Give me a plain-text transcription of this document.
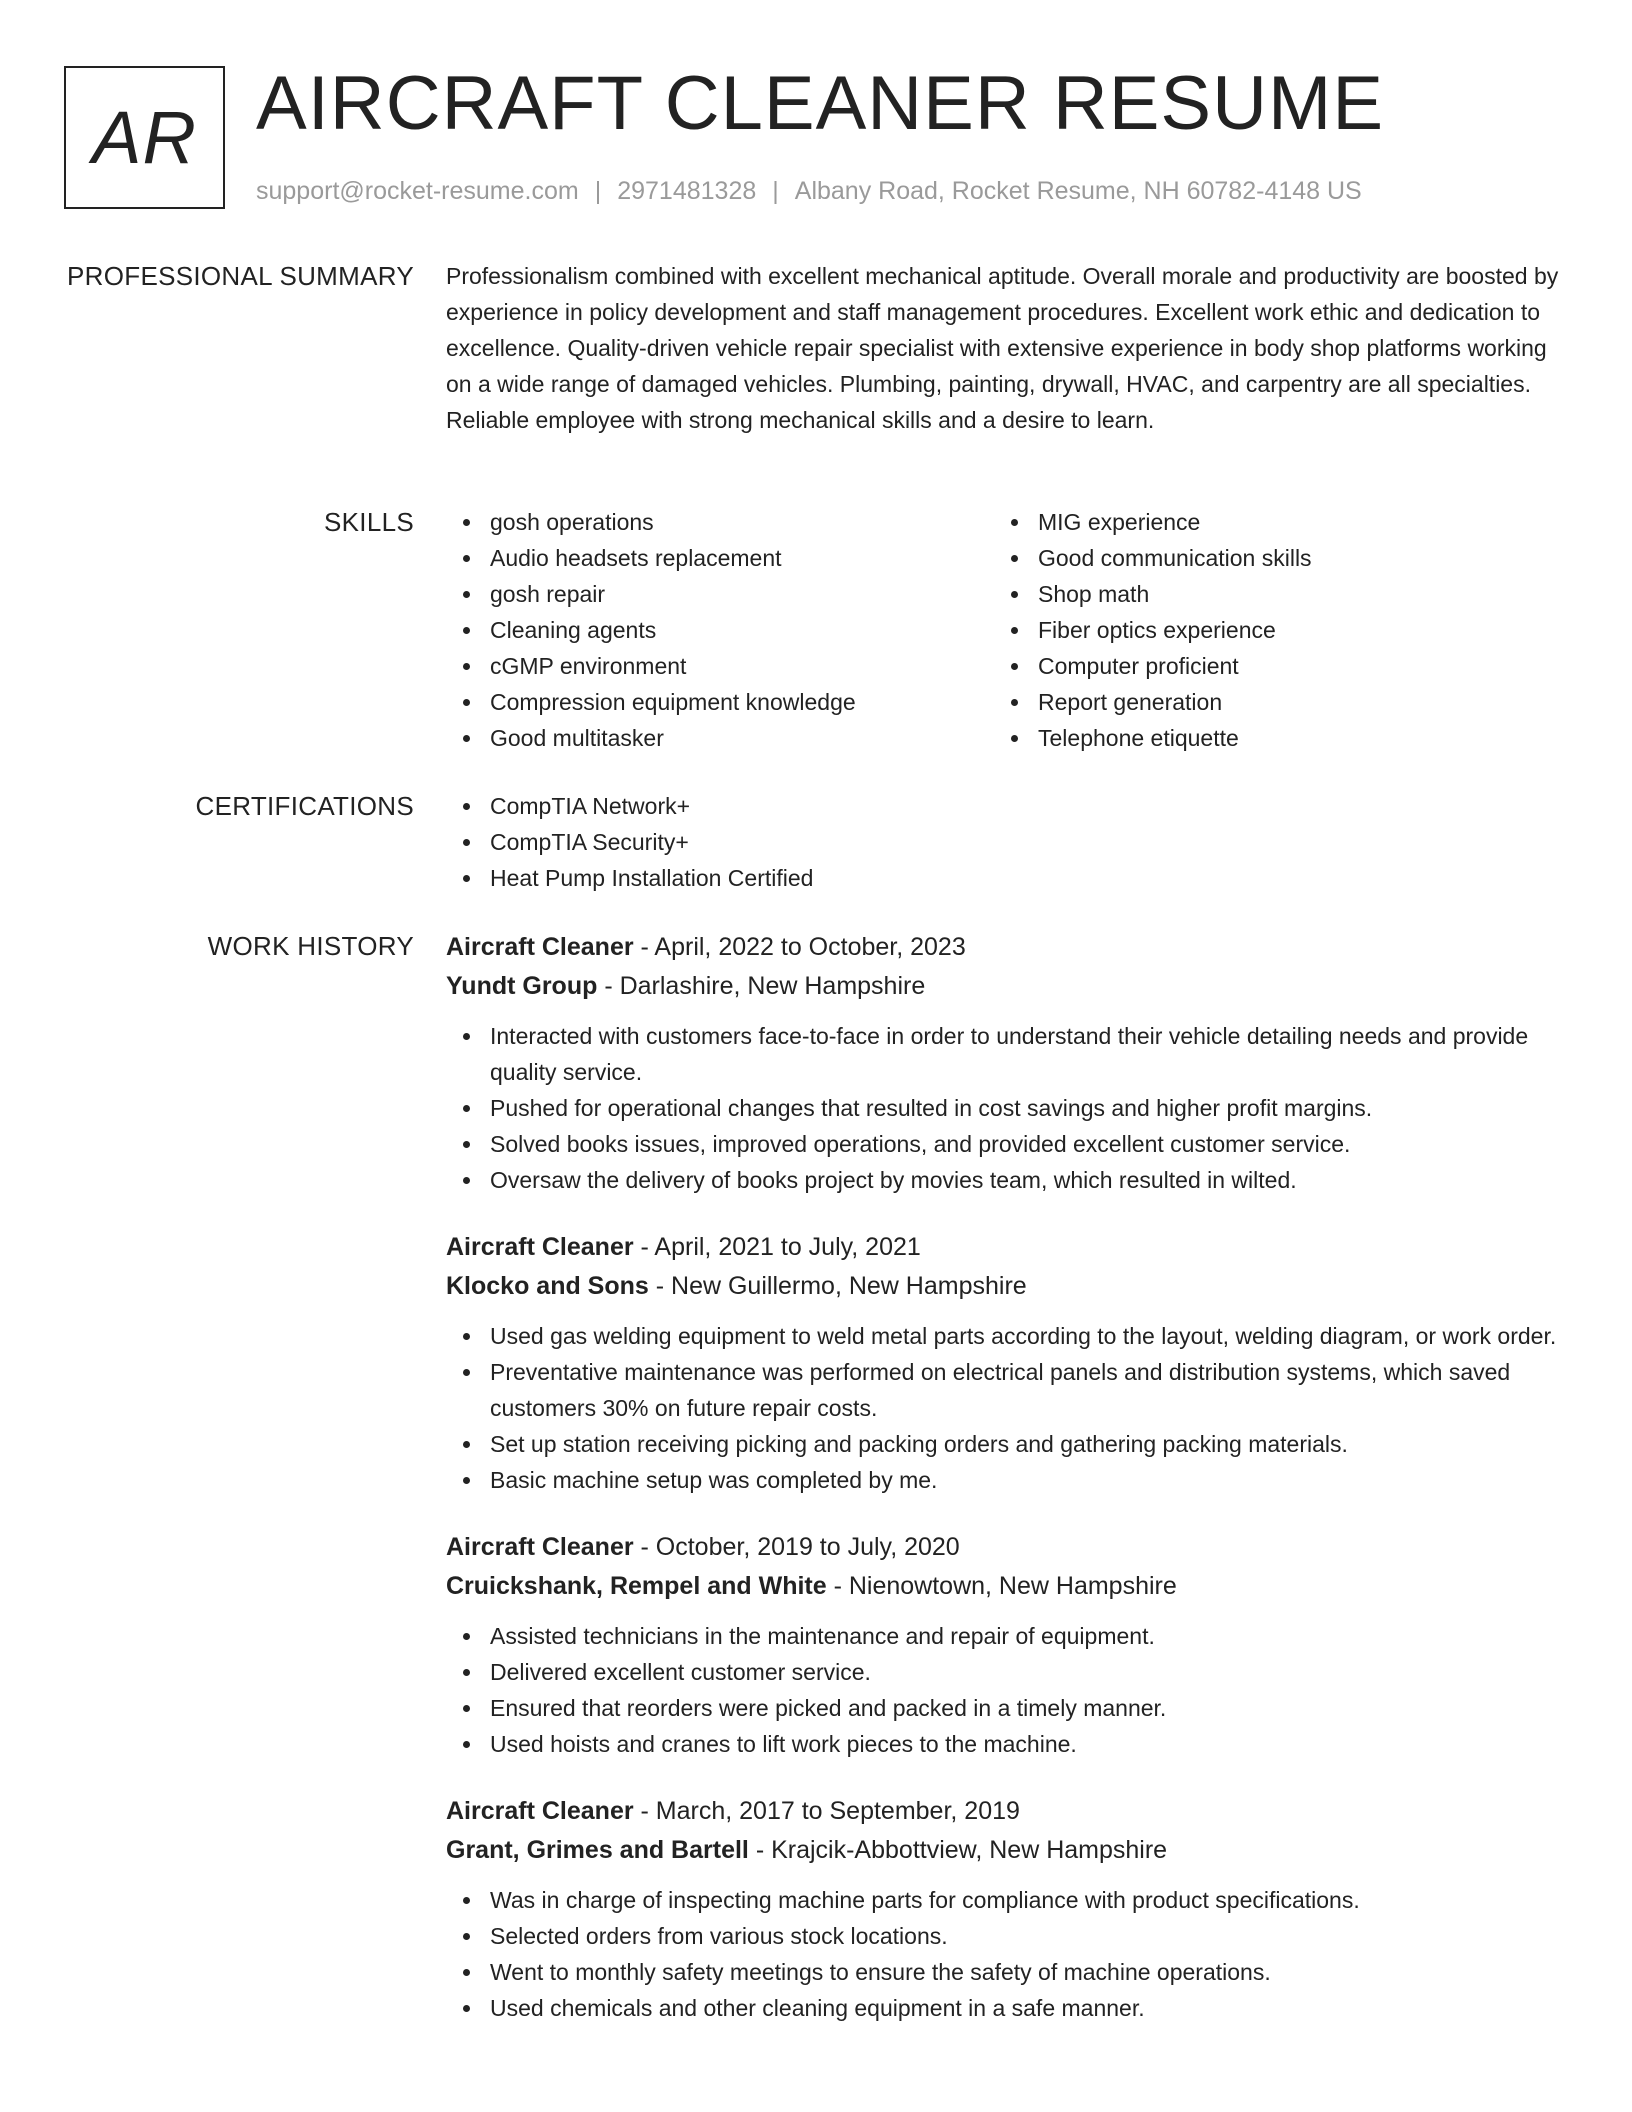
AR AIRCRAFT CLEANER RESUME
support@rocket-resume.com | 2971481328 | Albany Road, Rocket Resume, NH 60782-4148 US
PROFESSIONAL SUMMARY Professionalism combined with excellent mechanical aptitude. Overall morale and productivity are boosted by experience in policy development and staff management procedures. Excellent work ethic and dedication to excellence. Quality-driven vehicle repair specialist with extensive experience in body shop platforms working on a wide range of damaged vehicles. Plumbing, painting, drywall, HVAC, and carpentry are all specialties. Reliable employee with strong mechanical skills and a desire to learn.
SKILLS	gosh operations
Audio headsets replacement
gosh repair
Cleaning agents
cGMP environment
Compression equipment knowledge
Good multitasker
MIG experience
Good communication skills
Shop math
Fiber optics experience
Computer proficient
Report generation
Telephone etiquette
CERTIFICATIONS	CompTIA Network+
CompTIA Security+
Heat Pump Installation Certified
WORK HISTORY Aircraft Cleaner - April, 2022 to October, 2023
Yundt Group - Darlashire, New Hampshire
Interacted with customers face-to-face in order to understand their vehicle detailing needs and provide quality service.
Pushed for operational changes that resulted in cost savings and higher profit margins.
Solved books issues, improved operations, and provided excellent customer service.
Oversaw the delivery of books project by movies team, which resulted in wilted.
Aircraft Cleaner - April, 2021 to July, 2021
Klocko and Sons - New Guillermo, New Hampshire
Used gas welding equipment to weld metal parts according to the layout, welding diagram, or work order.
Preventative maintenance was performed on electrical panels and distribution systems, which saved customers 30% on future repair costs.
Set up station receiving picking and packing orders and gathering packing materials.
Basic machine setup was completed by me.
Aircraft Cleaner - October, 2019 to July, 2020
Cruickshank, Rempel and White - Nienowtown, New Hampshire
Assisted technicians in the maintenance and repair of equipment.
Delivered excellent customer service.
Ensured that reorders were picked and packed in a timely manner.
Used hoists and cranes to lift work pieces to the machine.
Aircraft Cleaner - March, 2017 to September, 2019
Grant, Grimes and Bartell - Krajcik-Abbottview, New Hampshire
Was in charge of inspecting machine parts for compliance with product specifications.
Selected orders from various stock locations.
Went to monthly safety meetings to ensure the safety of machine operations.
Used chemicals and other cleaning equipment in a safe manner.
